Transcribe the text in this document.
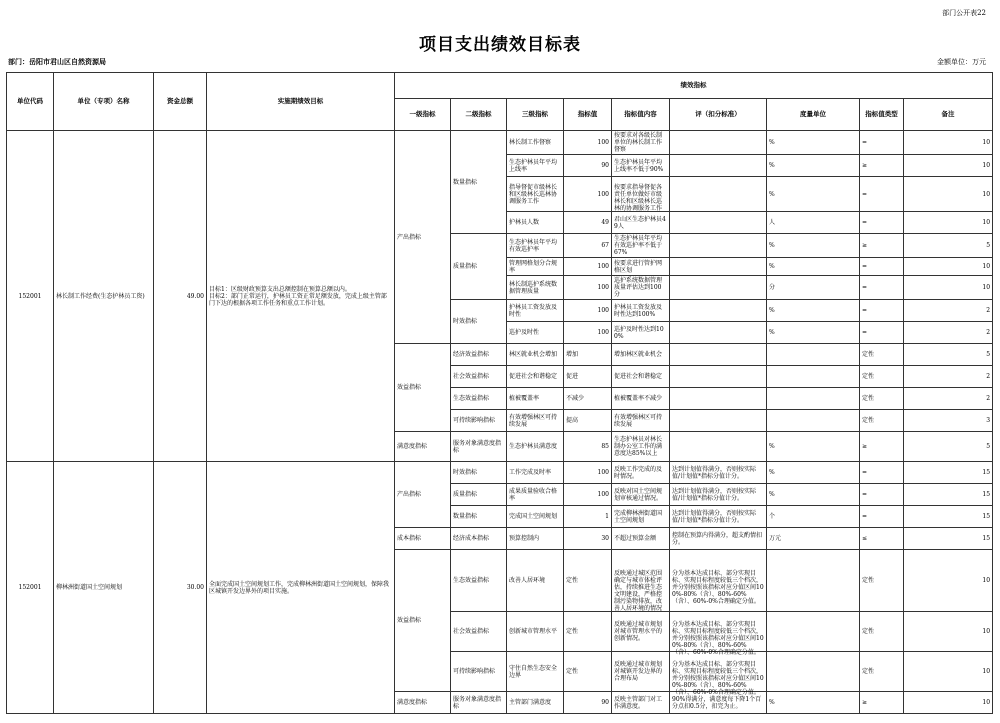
部门公开表22
项目支出绩效目标表
部门：岳阳市君山区自然资源局	金额单位：万元
单位代码	单位（专项）名称	资金总额	实施期绩效目标	绩效指标								
				一级指标	二级指标	三级指标	指标值	指标值内容	评（扣分标准）	度量单位	指标值类型	备注
152001	林长制工作经费(生态护林员工资)	49.00	目标1：区级财政预算支出总额控制在预算总额以内。
目标2：部门正常运行，护林员工资正常足额发放，完成上级主管部门下达的根据各项工作任务和重点工作计划。	产出指标	数量指标	林长制工作督察	100	按要求对各级长制单位的林长制工作督察		%	=	10

						生态护林员年平均上线率	90	生态护林员年平均上线率不低于90%		%	≥	10

						指导督促市级林长和区级林长巡林协调服务工作	100	按要求指导督促各责任单位做好市级林长和区级林长巡林的协调服务工作		%	=	10

						护林员人数	49	君山区生态护林员49人		人	=	10
					质量指标	生态护林员年平均有效巡护率	67	生态护林员年平均有效巡护率不低于 67%		%	≥	5

						管理网格划分合规率	100	按要求进行管护网格区划		%	=	10

						林长制巡护系统数据管理质量	100	巡护系统数据管理质量评估达到100分		分	=	10
					时效指标	护林员工资发放及时性	100	护林员工资发放及时性达到100%		%	=	2

						巡护及时性	100	巡护及时性达到100%		%	=	2
				效益指标	经济效益指标	林区就业机会增加	增加	增加林区就业机会			定性	5
					社会效益指标	促进社会和谐稳定	促进	促进社会和谐稳定			定性	2
					生态效益指标	植被覆盖率	不减少	植被覆盖率不减少			定性	2
					可持续影响指标	有效增强林区可持续发展	提高	有效增强林区可持续发展			定性	3
				满意度指标	服务对象满意度指标	生态护林员满意度	85	生态护林员对林长制办公室工作的满意度达85%以上		%	≥	5
152001	柳林洲街道国土空间规划	30.00	全面完成国土空间规划工作，完成柳林洲街道国土空间规划，保障我区城镇开发边界外的项目实施。	产出指标	时效指标	工作完成及时率	100	反映工作完成的及时情况。	达到计划值得满分，否则按实际值/计划值*指标分值计分。	%	=	15
					质量指标	成果质量验收合格率	100	反映对国土空间规划审核通过情况。	达到计划值得满分，否则按实际值/计划值*指标分值计分。	%	=	15
					数量指标	完成国土空间规划	1	完成柳林洲街道国土空间规划	达到计划值得满分，否则按实际值/计划值*指标分值计分。	个	=	15
				成本指标	经济成本指标	预算控制内	30	不超过预算金额	控制在预算内得满分，超支酌情扣分。	万元	≤	15
				效益指标	生态效益指标	改善人居环境	定性	反映通过城区范围确定与城市体检评估，持续推进生态文明建设，严格控制污染物排放，改善人居环境的情况	分为基本达成目标、部分实现目标、实现目标程度较低三个档次，并分别按照该指标对应分值区间100%-80%（含）、80%-60%（含）、60%-0%合理确定分值。		定性	10
					社会效益指标	创新城市管理水平	定性	反映通过城市规划对城市管理水平的创新情况。	分为基本达成目标、部分实现目标、实现目标程度较低三个档次，并分别按照该指标对应分值区间100%-80%（含）、80%-60%（含）、60%-0%合理确定分值。		定性	10
					可持续影响指标	守住自然生态安全边界	定性	反映通过城市规划对城镇开发边界的合理布局	分为基本达成目标、部分实现目标、实现目标程度较低三个档次，并分别按照该指标对应分值区间100%-80%（含）、80%-60%（含）、60%-0%合理确定分值。		定性	10
				满意度指标	服务对象满意度指标	主管部门满意度	90	反映主管部门对工作满意度。	90%得满分，满意度每下降1个百分点扣0.5分，扣完为止。	%	≥	10
